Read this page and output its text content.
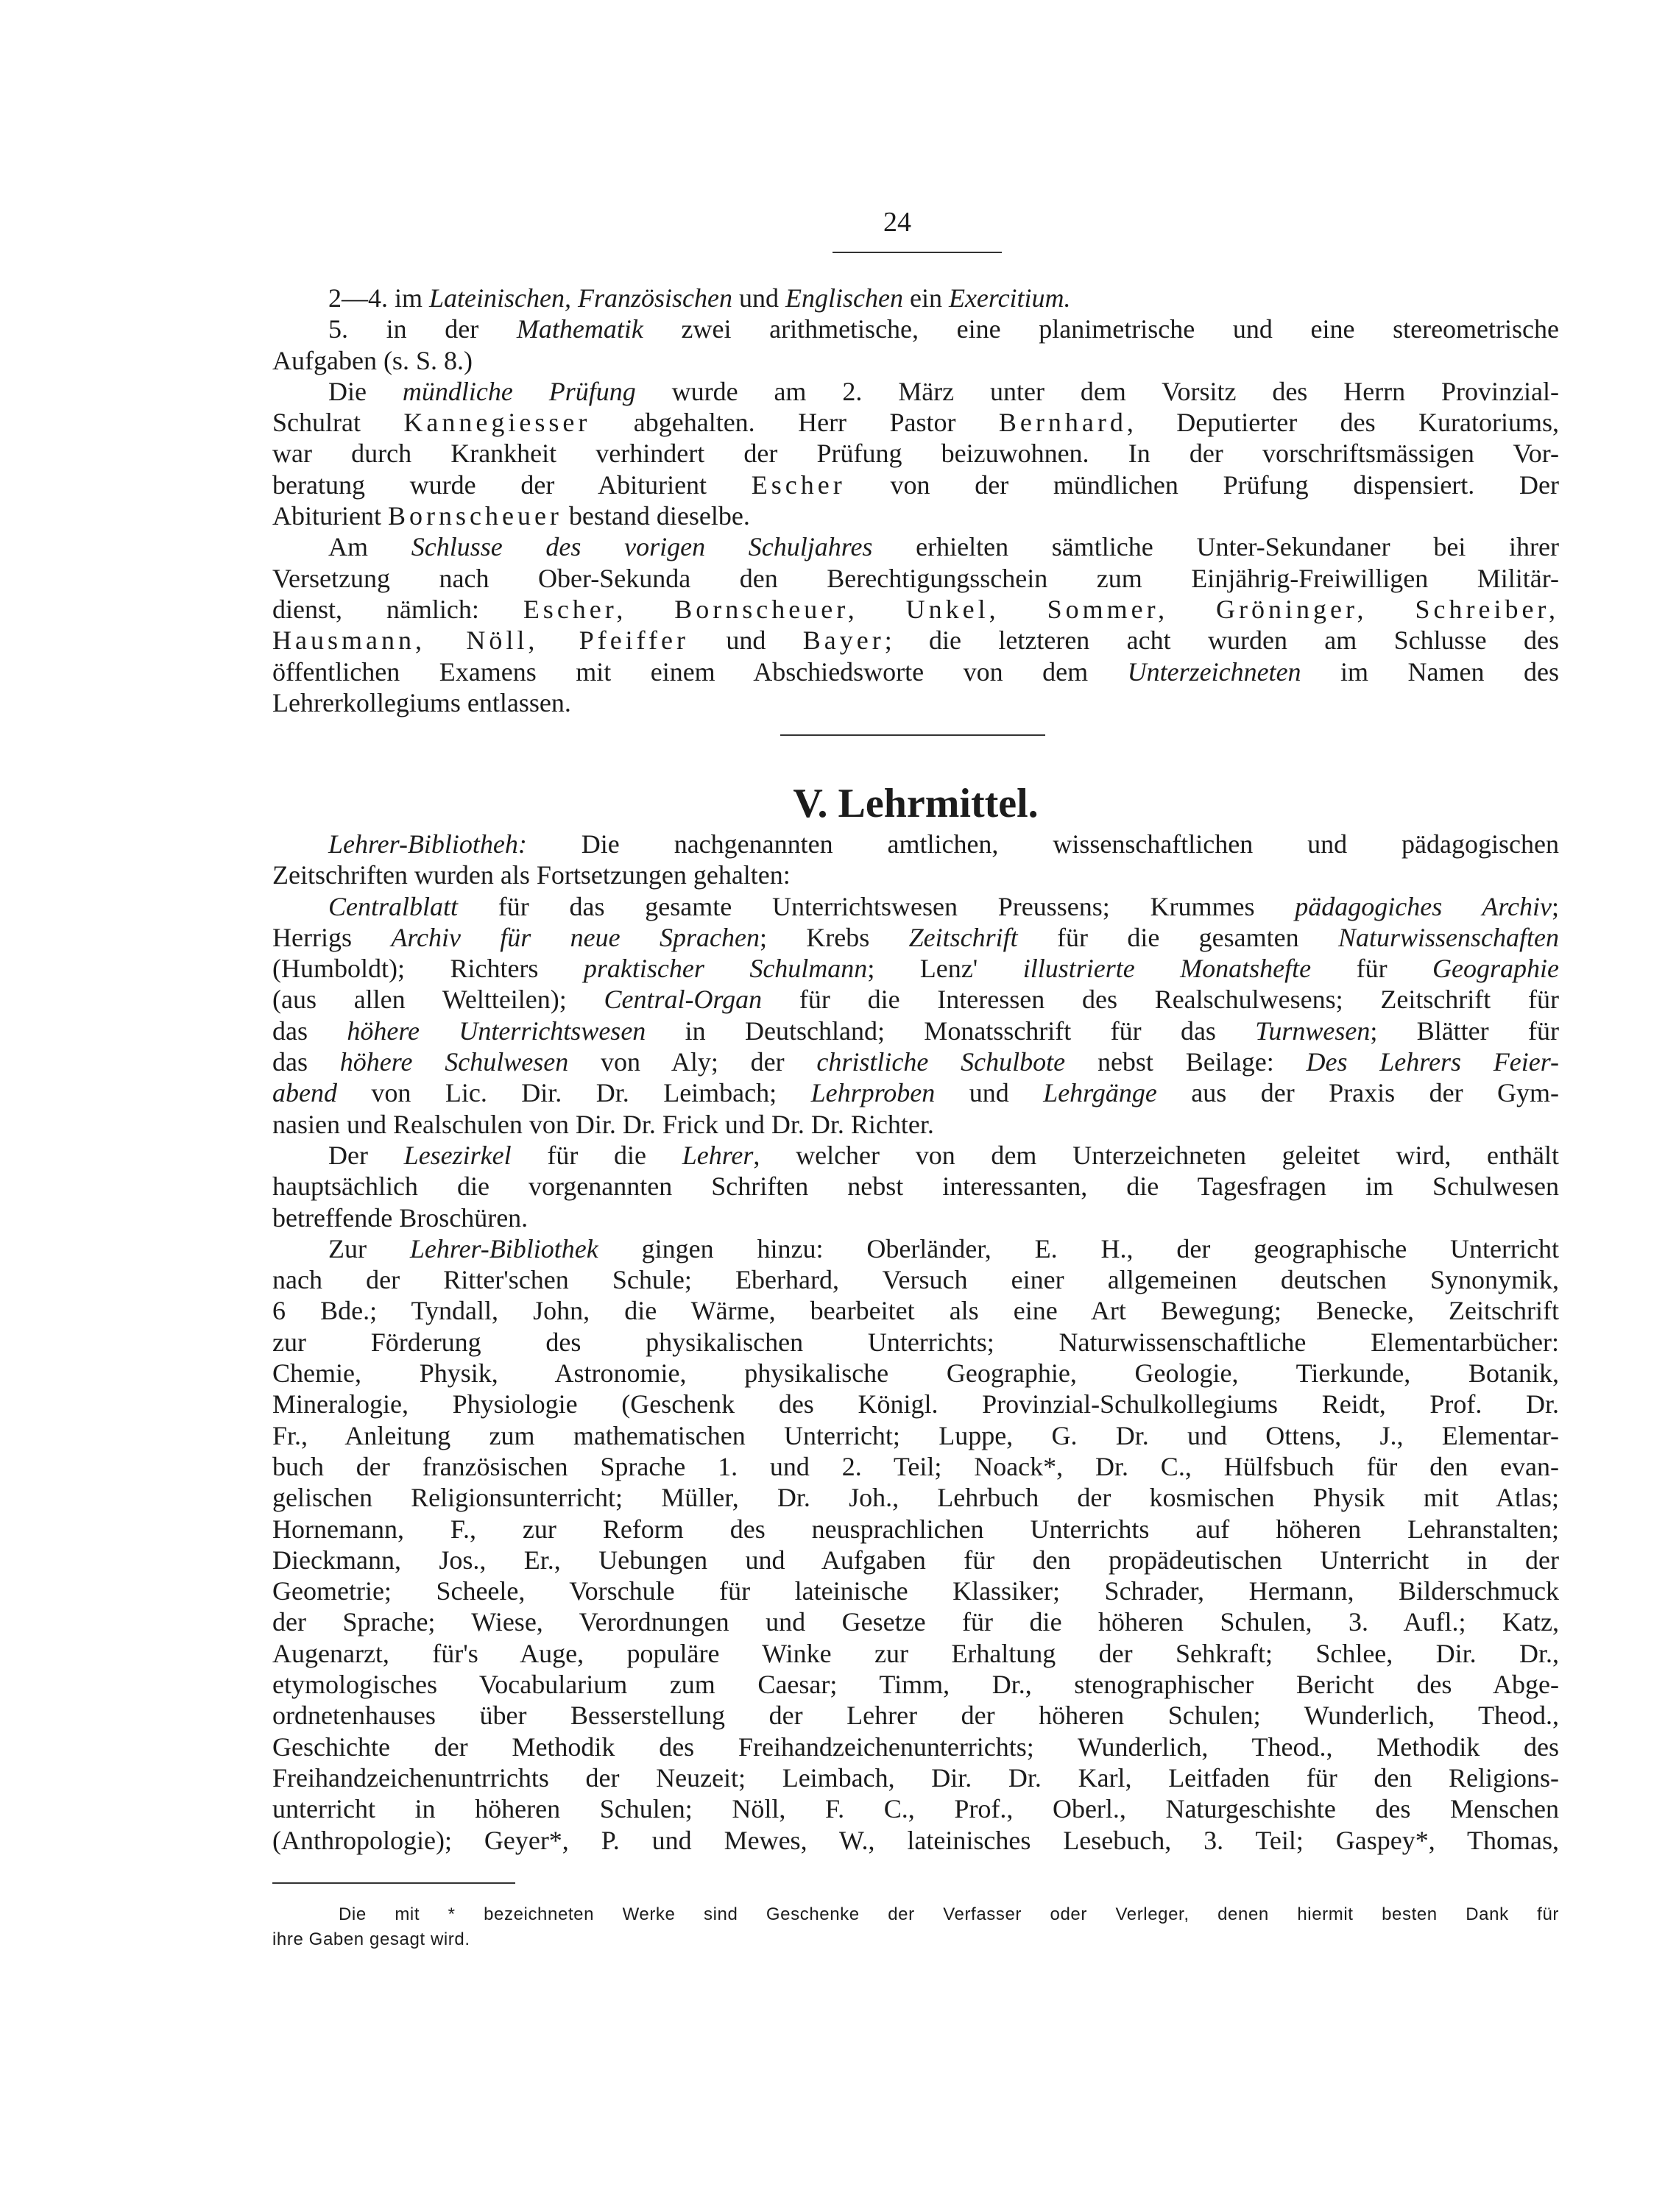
24
2—4. im Lateinischen, Französischen und Englischen ein Exercitium.
5. in der Mathematik zwei arithmetische, eine planimetrische und eine stereometrische
Aufgaben (s. S. 8.)
Die mündliche Prüfung wurde am 2. März unter dem Vorsitz des Herrn Provinzial-
Schulrat Kannegiesser abgehalten. Herr Pastor Bernhard, Deputierter des Kuratoriums,
war durch Krankheit verhindert der Prüfung beizuwohnen. In der vorschriftsmässigen Vor-
beratung wurde der Abiturient Escher von der mündlichen Prüfung dispensiert. Der
Abiturient Bornscheuer bestand dieselbe.
Am Schlusse des vorigen Schuljahres erhielten sämtliche Unter-Sekundaner bei ihrer
Versetzung nach Ober-Sekunda den Berechtigungsschein zum Einjährig-Freiwilligen Militär-
dienst, nämlich: Escher, Bornscheuer, Unkel, Sommer, Gröninger, Schreiber,
Hausmann, Nöll, Pfeiffer und Bayer; die letzteren acht wurden am Schlusse des
öffentlichen Examens mit einem Abschiedsworte von dem Unterzeichneten im Namen des
Lehrerkollegiums entlassen.
V. Lehrmittel.
Lehrer-Bibliotheh: Die nachgenannten amtlichen, wissenschaftlichen und pädagogischen
Zeitschriften wurden als Fortsetzungen gehalten:
Centralblatt für das gesamte Unterrichtswesen Preussens; Krummes pädagogiches Archiv;
Herrigs Archiv für neue Sprachen; Krebs Zeitschrift für die gesamten Naturwissenschaften
(Humboldt); Richters praktischer Schulmann; Lenz' illustrierte Monatshefte für Geographie
(aus allen Weltteilen); Central-Organ für die Interessen des Realschulwesens; Zeitschrift für
das höhere Unterrichtswesen in Deutschland; Monatsschrift für das Turnwesen; Blätter für
das höhere Schulwesen von Aly; der christliche Schulbote nebst Beilage: Des Lehrers Feier-
abend von Lic. Dir. Dr. Leimbach; Lehrproben und Lehrgänge aus der Praxis der Gym-
nasien und Realschulen von Dir. Dr. Frick und Dr. Dr. Richter.
Der Lesezirkel für die Lehrer, welcher von dem Unterzeichneten geleitet wird, enthält
hauptsächlich die vorgenannten Schriften nebst interessanten, die Tagesfragen im Schulwesen
betreffende Broschüren.
Zur Lehrer-Bibliothek gingen hinzu: Oberländer, E. H., der geographische Unterricht
nach der Ritter'schen Schule; Eberhard, Versuch einer allgemeinen deutschen Synonymik,
6 Bde.; Tyndall, John, die Wärme, bearbeitet als eine Art Bewegung; Benecke, Zeitschrift
zur Förderung des physikalischen Unterrichts; Naturwissenschaftliche Elementarbücher:
Chemie, Physik, Astronomie, physikalische Geographie, Geologie, Tierkunde, Botanik,
Mineralogie, Physiologie (Geschenk des Königl. Provinzial-Schulkollegiums Reidt, Prof. Dr.
Fr., Anleitung zum mathematischen Unterricht; Luppe, G. Dr. und Ottens, J., Elementar-
buch der französischen Sprache 1. und 2. Teil; Noack*, Dr. C., Hülfsbuch für den evan-
gelischen Religionsunterricht; Müller, Dr. Joh., Lehrbuch der kosmischen Physik mit Atlas;
Hornemann, F., zur Reform des neusprachlichen Unterrichts auf höheren Lehranstalten;
Dieckmann, Jos., Er., Uebungen und Aufgaben für den propädeutischen Unterricht in der
Geometrie; Scheele, Vorschule für lateinische Klassiker; Schrader, Hermann, Bilderschmuck
der Sprache; Wiese, Verordnungen und Gesetze für die höheren Schulen, 3. Aufl.; Katz,
Augenarzt, für's Auge, populäre Winke zur Erhaltung der Sehkraft; Schlee, Dir. Dr.,
etymologisches Vocabularium zum Caesar; Timm, Dr., stenographischer Bericht des Abge-
ordnetenhauses über Besserstellung der Lehrer der höheren Schulen; Wunderlich, Theod.,
Geschichte der Methodik des Freihandzeichenunterrichts; Wunderlich, Theod., Methodik des
Freihandzeichenuntrrichts der Neuzeit; Leimbach, Dir. Dr. Karl, Leitfaden für den Religions-
unterricht in höheren Schulen; Nöll, F. C., Prof., Oberl., Naturgeschishte des Menschen
(Anthropologie); Geyer*, P. und Mewes, W., lateinisches Lesebuch, 3. Teil; Gaspey*, Thomas,
Die mit * bezeichneten Werke sind Geschenke der Verfasser oder Verleger, denen hiermit besten Dank für
ihre Gaben gesagt wird.
